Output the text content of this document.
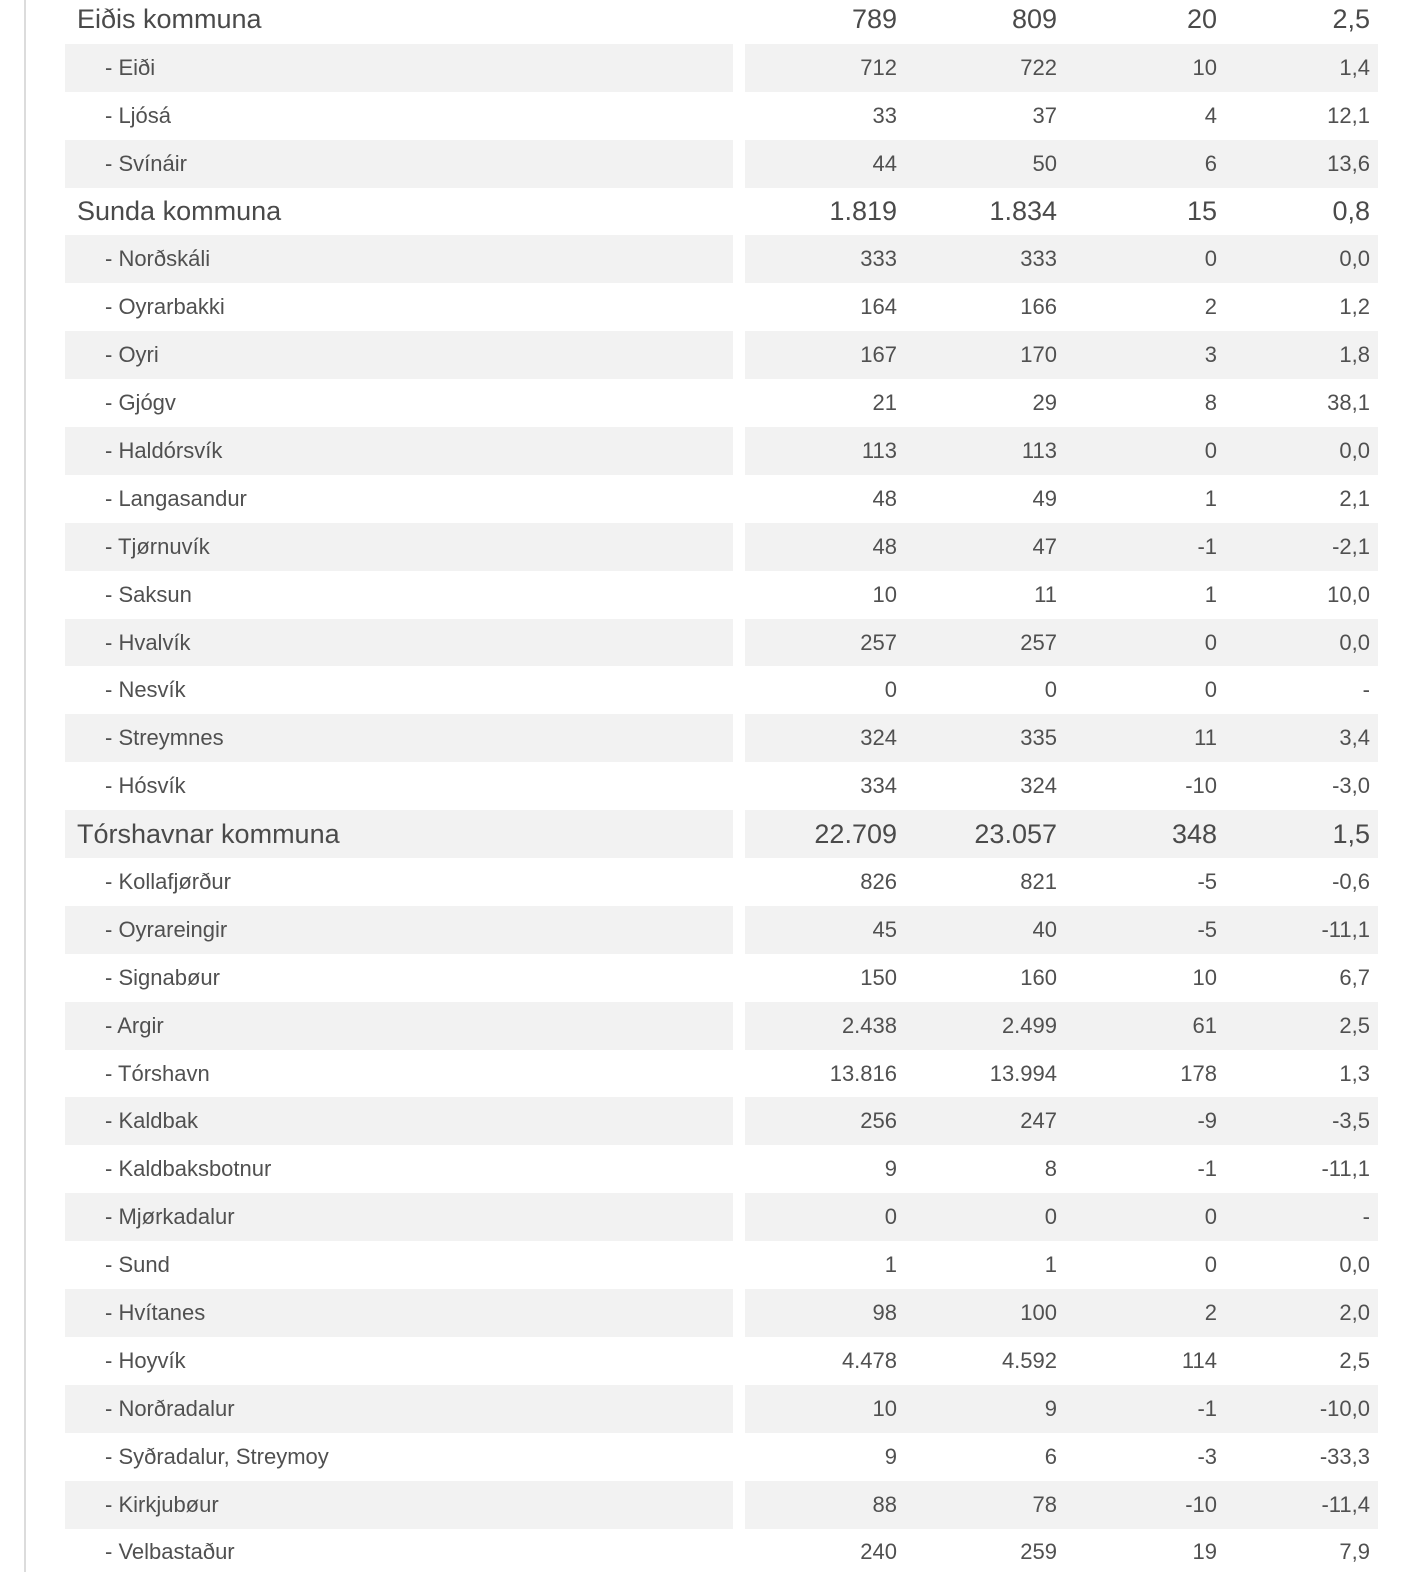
Eiðis kommuna		789	809	20	2,5
- Eiði		712	722	10	1,4
- Ljósá		33	37	4	12,1
- Svínáir		44	50	6	13,6
Sunda kommuna		1.819	1.834	15	0,8
- Norðskáli		333	333	0	0,0
- Oyrarbakki		164	166	2	1,2
- Oyri		167	170	3	1,8
- Gjógv		21	29	8	38,1
- Haldórsvík		113	113	0	0,0
- Langasandur		48	49	1	2,1
- Tjørnuvík		48	47	-1	-2,1
- Saksun		10	11	1	10,0
- Hvalvík		257	257	0	0,0
- Nesvík		0	0	0	-
- Streymnes		324	335	11	3,4
- Hósvík		334	324	-10	-3,0
Tórshavnar kommuna		22.709	23.057	348	1,5
- Kollafjørður		826	821	-5	-0,6
- Oyrareingir		45	40	-5	-11,1
- Signabøur		150	160	10	6,7
- Argir		2.438	2.499	61	2,5
- Tórshavn		13.816	13.994	178	1,3
- Kaldbak		256	247	-9	-3,5
- Kaldbaksbotnur		9	8	-1	-11,1
- Mjørkadalur		0	0	0	-
- Sund		1	1	0	0,0
- Hvítanes		98	100	2	2,0
- Hoyvík		4.478	4.592	114	2,5
- Norðradalur		10	9	-1	-10,0
- Syðradalur, Streymoy		9	6	-3	-33,3
- Kirkjubøur		88	78	-10	-11,4
- Velbastaður		240	259	19	7,9
